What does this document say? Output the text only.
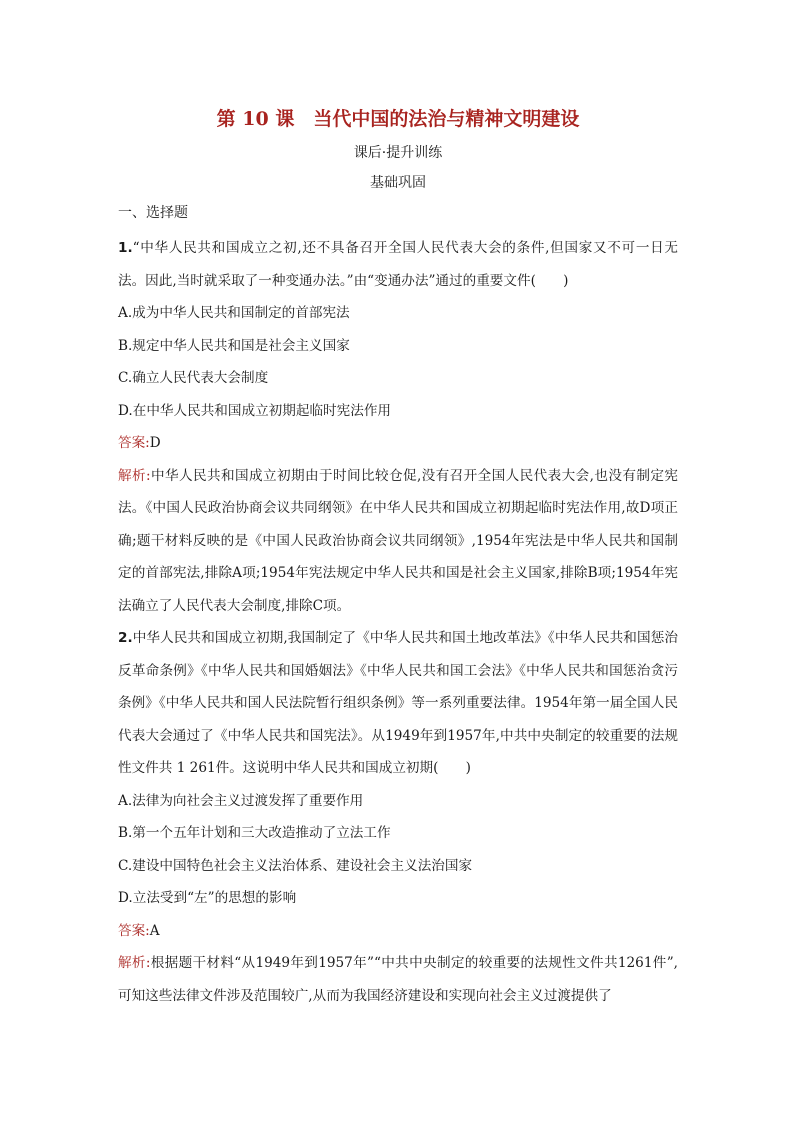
第 10 课　当代中国的法治与精神文明建设
课后·提升训练
基础巩固
一、选择题

1.“中华人民共和国成立之初,还不具备召开全国人民代表大会的条件,但国家又不可一日无法。因此,当时就采取了一种变通办法。”由“变通办法”通过的重要文件(　　)

A.成为中华人民共和国制定的首部宪法

B.规定中华人民共和国是社会主义国家

C.确立人民代表大会制度

D.在中华人民共和国成立初期起临时宪法作用

答案:D

解析:中华人民共和国成立初期由于时间比较仓促,没有召开全国人民代表大会,也没有制定宪法。《中国人民政治协商会议共同纲领》在中华人民共和国成立初期起临时宪法作用,故D项正确;题干材料反映的是《中国人民政治协商会议共同纲领》,1954年宪法是中华人民共和国制定的首部宪法,排除A项;1954年宪法规定中华人民共和国是社会主义国家,排除B项;1954年宪法确立了人民代表大会制度,排除C项。

2.中华人民共和国成立初期,我国制定了《中华人民共和国土地改革法》《中华人民共和国惩治反革命条例》《中华人民共和国婚姻法》《中华人民共和国工会法》《中华人民共和国惩治贪污条例》《中华人民共和国人民法院暂行组织条例》等一系列重要法律。1954年第一届全国人民代表大会通过了《中华人民共和国宪法》。从1949年到1957年,中共中央制定的较重要的法规性文件共 1 261件。这说明中华人民共和国成立初期(　　)

A.法律为向社会主义过渡发挥了重要作用

B.第一个五年计划和三大改造推动了立法工作

C.建设中国特色社会主义法治体系、建设社会主义法治国家

D.立法受到“左”的思想的影响

答案:A

解析:根据题干材料“从1949年到1957年”“中共中央制定的较重要的法规性文件共1261件”,可知这些法律文件涉及范围较广,从而为我国经济建设和实现向社会主义过渡提供了
